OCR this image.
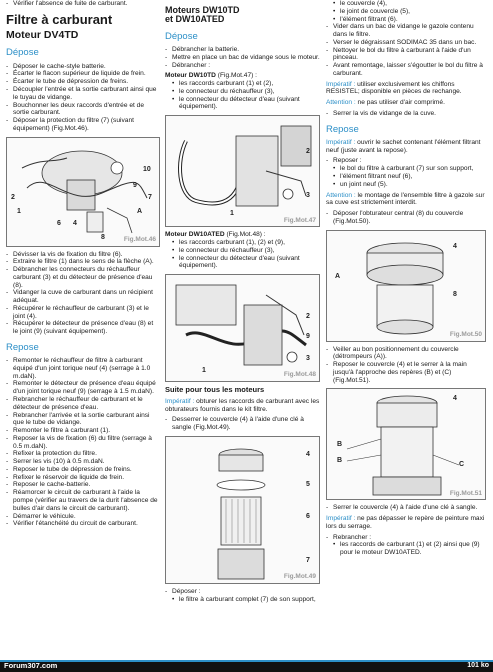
- Vérifier l'absence de fuite de carburant.
Filtre à carburant
Moteur DV4TD
Dépose
- Déposer le cache-style batterie.
- Écarter le flacon supérieur de liquide de frein.
- Écarter le tube de dépression de freins.
- Découpler l'entrée et la sortie carburant ainsi que le tuyau de vidange.
- Bouchonner les deux raccords d'entrée et de sortie carburant.
- Déposer la protection du filtre (7) (suivant équipement) (Fig.Mot.46).
2
1
6 4
8
7
10
9
A
Fig.Mot.46
- Dévisser la vis de fixation du filtre (6).
- Extraire le filtre (1) dans le sens de la flèche (A).
- Débrancher les connecteurs du réchauffeur carburant (3) et du détecteur de présence d'eau (8).
- Vidanger la cuve de carburant dans un récipient adéquat.
- Récupérer le réchauffeur de carburant (3) et le joint (4).
- Récupérer le détecteur de présence d'eau (8) et le joint (9) (suivant équipement).
Repose
- Remonter le réchauffeur de filtre à carburant équipé d'un joint torique neuf (4) (serrage à 1.0 m.daN).
- Remonter le détecteur de présence d'eau équipé d'un joint torique neuf (9) (serrage à 1.5 m.daN).
- Rebrancher le réchauffeur de carburant et le détecteur de présence d'eau.
- Rebrancher l'arrivée et la sortie carburant ainsi que le tube de vidange.
- Remonter le filtre à carburant (1).
- Reposer la vis de fixation (6) du filtre (serrage à 0.5 m.daN).
- Refixer la protection du filtre.
- Serrer les vis (10) à 0.5 m.daN.
- Reposer le tube de dépression de freins.
- Refixer le réservoir de liquide de frein.
- Reposer le cache-batterie.
- Réamorcer le circuit de carburant à l'aide la pompe (vérifier au travers de la durit l'absence de bulles d'air dans le circuit de carburant).
- Démarrer le véhicule.
- Vérifier l'étanchéité du circuit de carburant.
Moteurs DW10TD
et DW10ATED
Dépose
- Débrancher la batterie.
- Mettre en place un bac de vidange sous le moteur.
- Débrancher :

Moteur DW10TD (Fig.Mot.47) :

• les raccords carburant (1) et (2),
• le connecteur du réchauffeur (3),
• le connecteur du détecteur d'eau (suivant équipement).
2
3
1
Fig.Mot.47

Moteur DW10ATED (Fig.Mot.48) :

• les raccords carburant (1), (2) et (9),
• le connecteur du réchauffeur (3),
• le connecteur du détecteur d'eau (suivant équipement).
2
9
3
1
Fig.Mot.48
Suite pour tous les moteurs

Impératif : obturer les raccords de carburant avec les obturateurs fournis dans le kit filtre.

- Desserrer le couvercle (4) à l'aide d'une clé à sangle (Fig.Mot.49).
4
5
6
7
Fig.Mot.49
- Déposer :
• le filtre à carburant complet (7) de son support,
• le couvercle (4),
• le joint de couvercle (5),
• l'élément filtrant (6).
- Vider dans un bac de vidange le gazole contenu dans le filtre.
- Verser le dégraissant SODIMAC 35 dans un bac.
- Nettoyer le bol du filtre à carburant à l'aide d'un pinceau.
- Avant remontage, laisser s'égoutter le bol du filtre à carburant.

Impératif : utiliser exclusivement les chiffons RESISTEL; disponible en pièces de rechange.

Attention : ne pas utiliser d'air comprimé.

- Serrer la vis de vidange de la cuve.
Repose

Impératif : ouvrir le sachet contenant l'élément filtrant neuf (juste avant la repose).

- Reposer :
• le bol du filtre à carburant (7) sur son support,
• l'élément filtrant neuf (6),
• un joint neuf (5).

Attention : le montage de l'ensemble filtre à gazole sur sa cuve est strictement interdit.

- Déposer l'obturateur central (8) du couvercle (Fig.Mot.50).
4
8
A
Fig.Mot.50
- Veiller au bon positionnement du couvercle (détrompeurs (A)).
- Reposer le couvercle (4) et le serrer à la main jusqu'à l'approche des repères (B) et (C) (Fig.Mot.51).
4
B
B
C
Fig.Mot.51
- Serrer le couvercle (4) à l'aide d'une clé à sangle.

Impératif : ne pas dépasser le repère de peinture maxi lors du serrage.

- Rebrancher :
• les raccords de carburant (1) et (2) ainsi que (9) pour le moteur DW10ATED.
Forum307.com	101 ko
